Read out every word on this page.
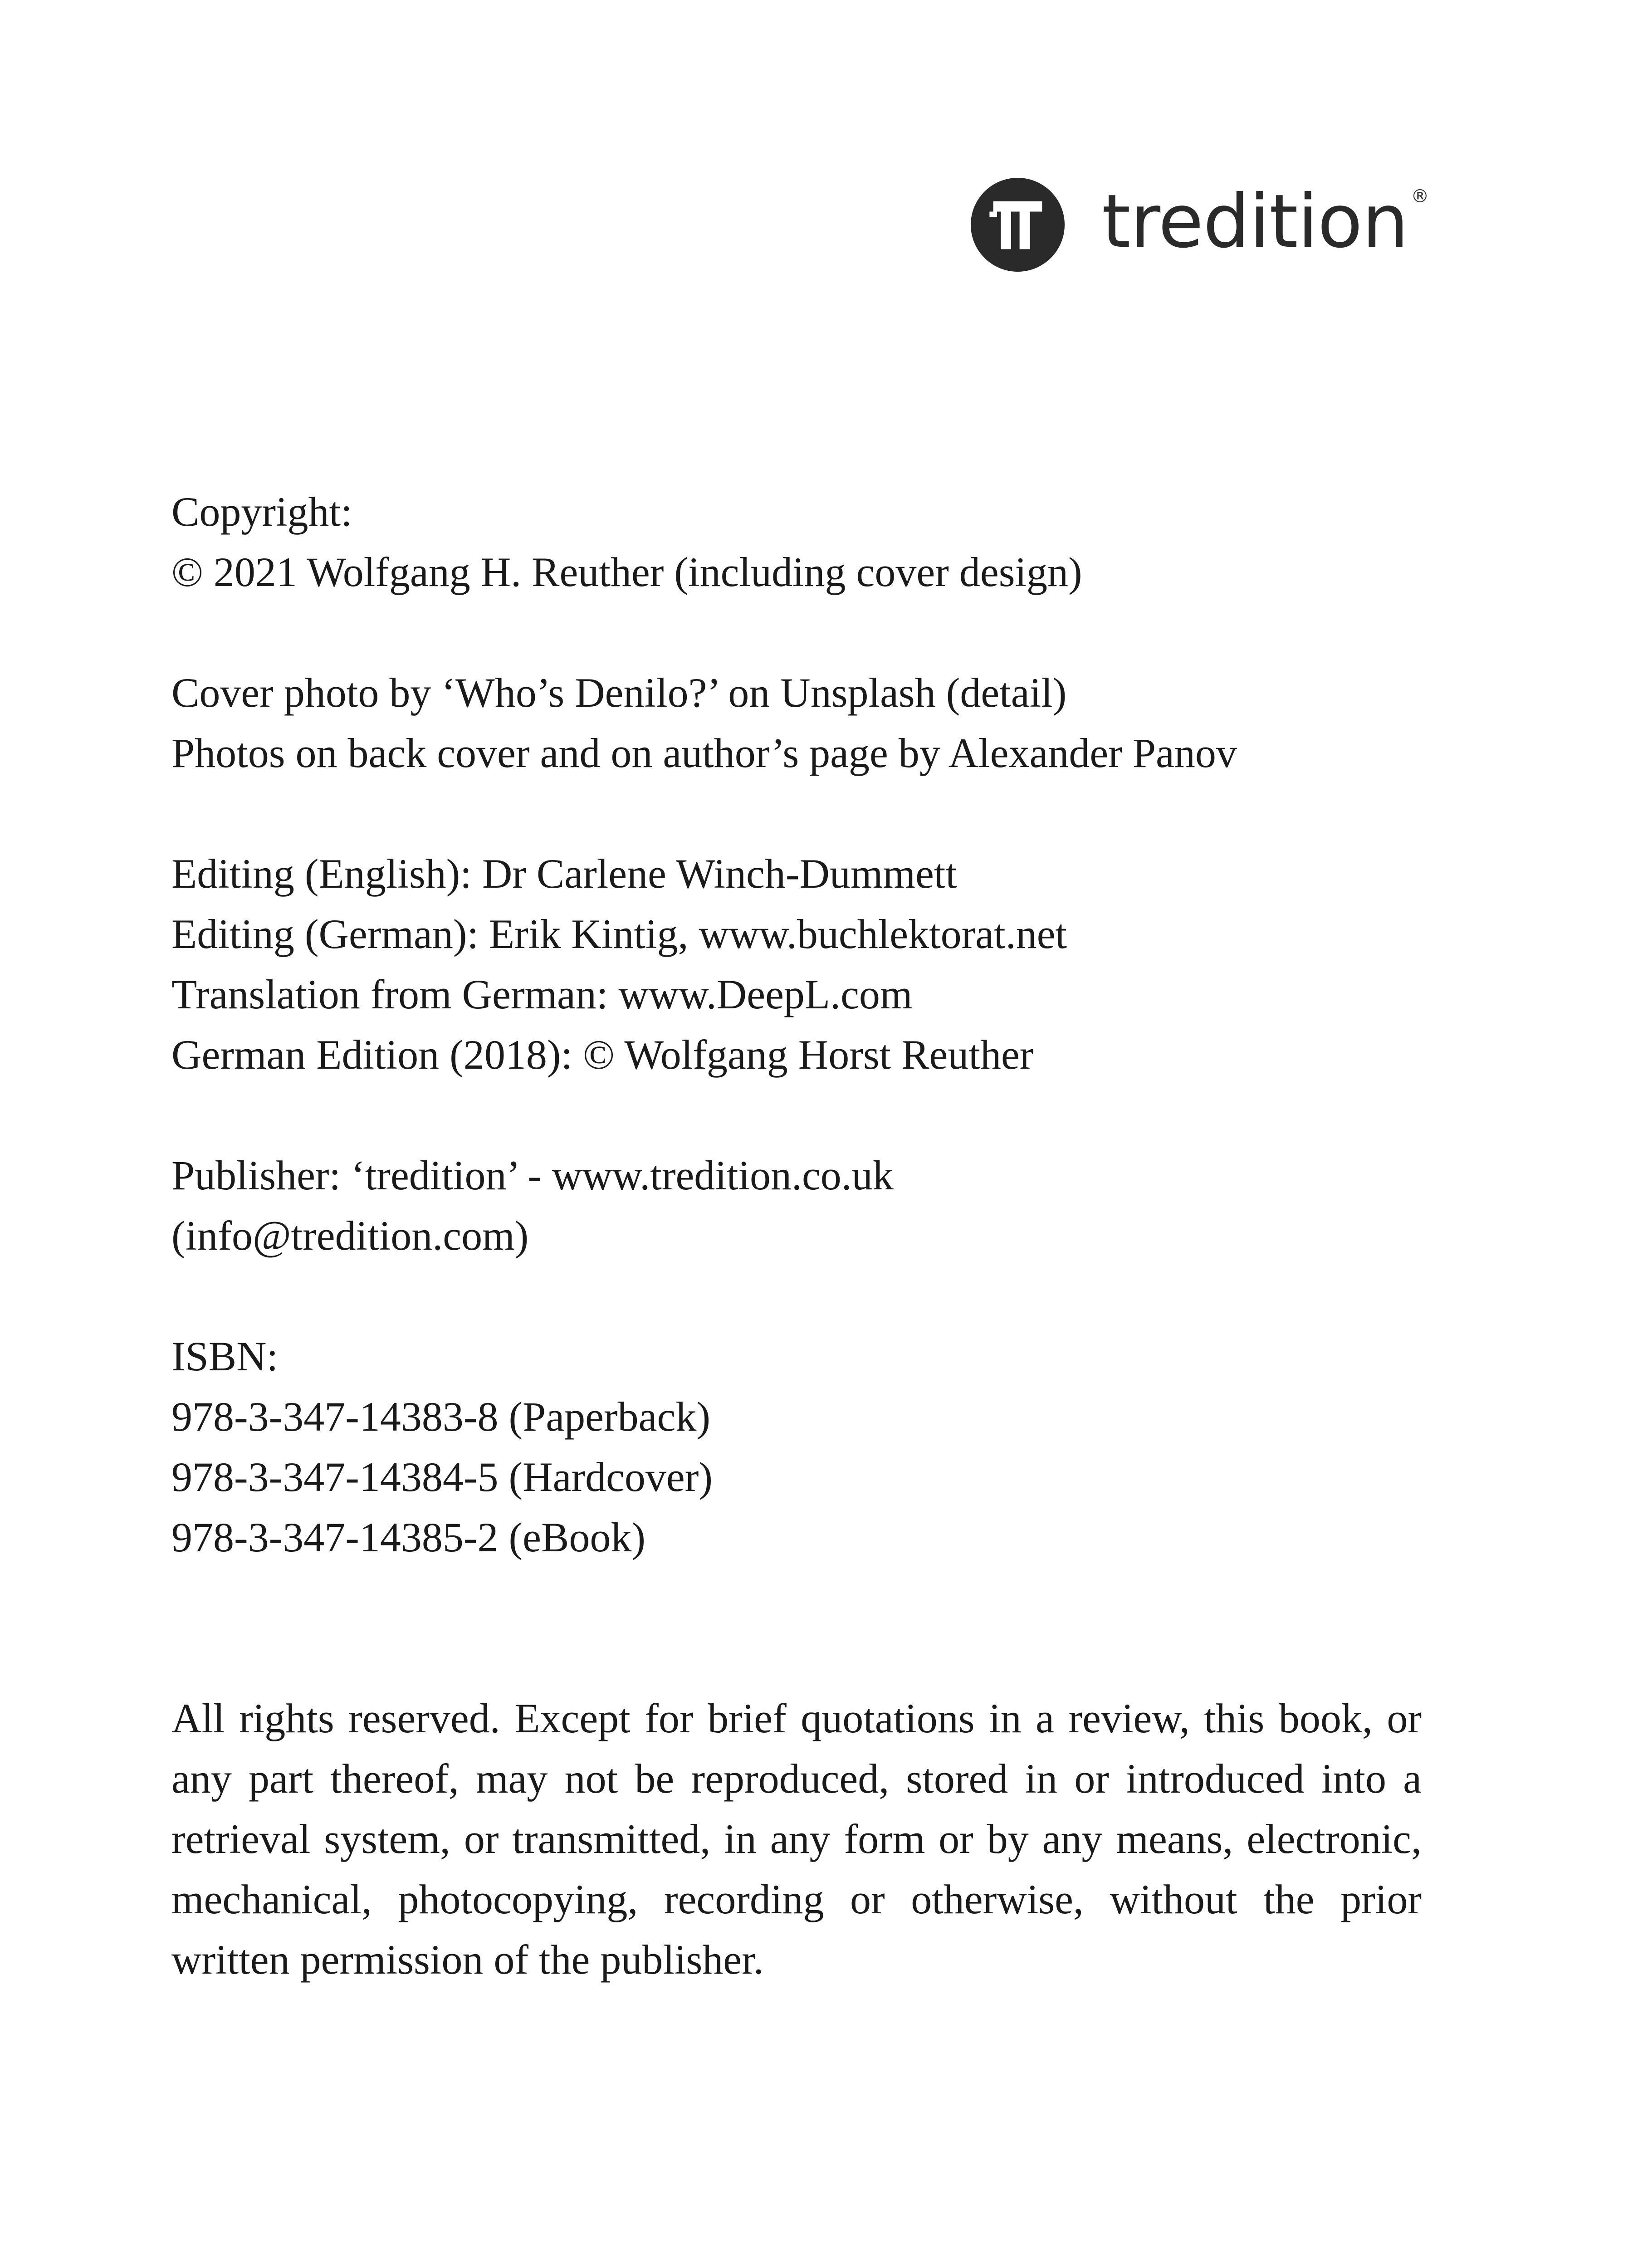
tredition ®
Copyright:
© 2021 Wolfgang H. Reuther (including cover design)
Cover photo by ‘Who’s Denilo?’ on Unsplash (detail)
Photos on back cover and on author’s page by Alexander Panov
Editing (English): Dr Carlene Winch-Dummett
Editing (German): Erik Kintig, www.buchlektorat.net
Translation from German: www.DeepL.com
German Edition (2018): © Wolfgang Horst Reuther
Publisher: ‘tredition’ - www.tredition.co.uk
(info@tredition.com)
ISBN:
978-3-347-14383-8 (Paperback)
978-3-347-14384-5 (Hardcover)
978-3-347-14385-2 (eBook)
All rights reserved. Except for brief quotations in a review, this book, or any part thereof, may not be reproduced, stored in or introduced into a retrieval system, or transmitted, in any form or by any means, electronic, mechanical, photocopying, recording or otherwise, without the prior written permission of the publisher.
